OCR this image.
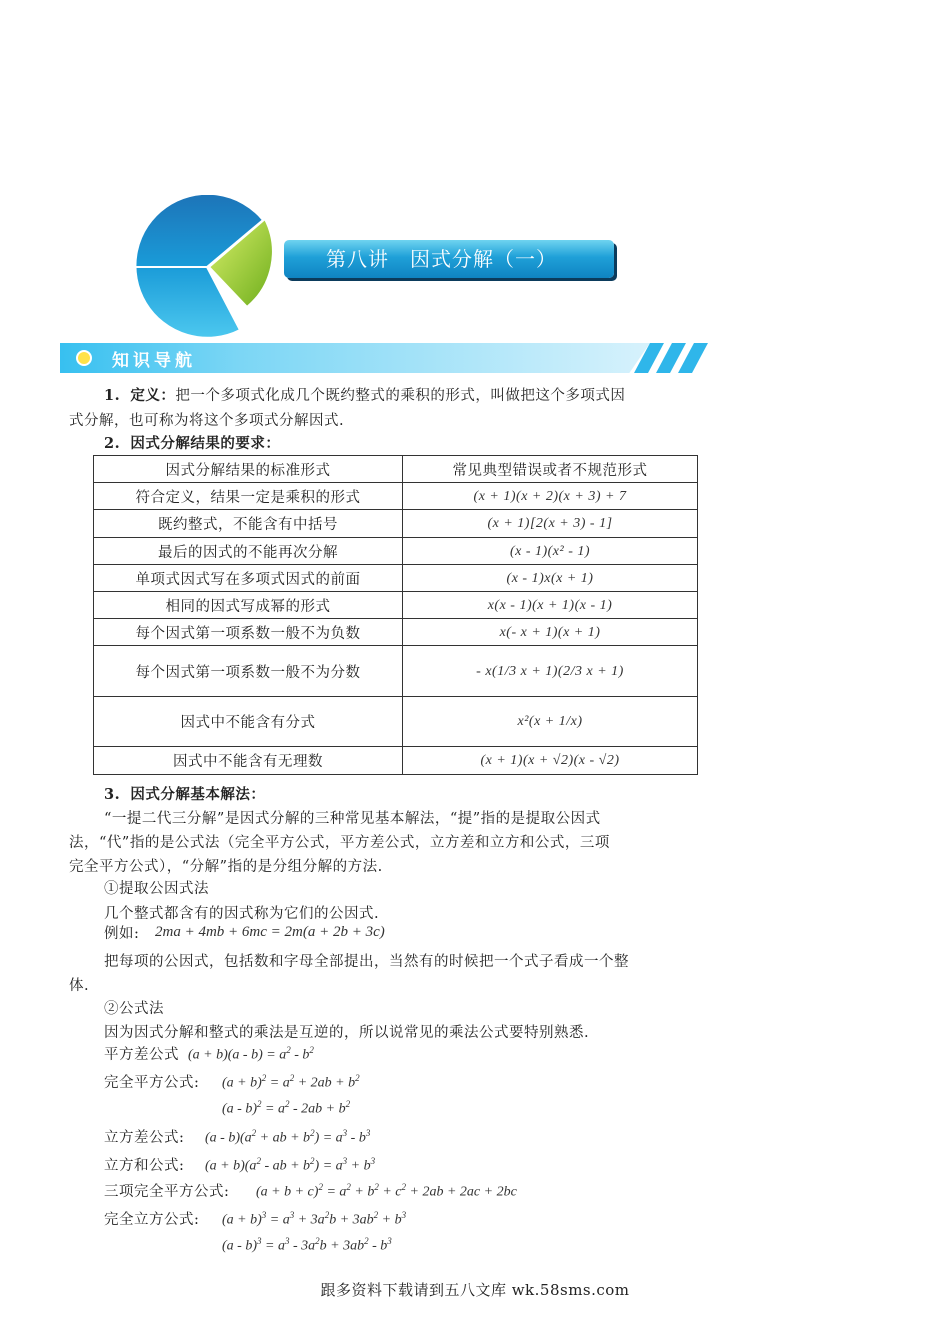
第八讲　因式分解（一）
知识导航
1. 定义：把一个多项式化成几个既约整式的乘积的形式，叫做把这个多项式因
式分解，也可称为将这个多项式分解因式.
2. 因式分解结果的要求：
因式分解结果的标准形式	常见典型错误或者不规范形式
符合定义，结果一定是乘积的形式	(x + 1)(x + 2)(x + 3) + 7
既约整式，不能含有中括号	(x + 1)[2(x + 3) - 1]
最后的因式的不能再次分解	(x - 1)(x² - 1)
单项式因式写在多项式因式的前面	(x - 1)x(x + 1)
相同的因式写成幂的形式	x(x - 1)(x + 1)(x - 1)
每个因式第一项系数一般不为负数	x(- x + 1)(x + 1)
每个因式第一项系数一般不为分数	- x(1/3 x + 1)(2/3 x + 1)
因式中不能含有分式	x²(x + 1/x)
因式中不能含有无理数	(x + 1)(x + √2)(x - √2)
3. 因式分解基本解法：
“一提二代三分解”是因式分解的三种常见基本解法，“提”指的是提取公因式
法，“代”指的是公式法（完全平方公式，平方差公式，立方差和立方和公式，三项
完全平方公式），“分解”指的是分组分解的方法.
①提取公因式法
几个整式都含有的因式称为它们的公因式.
例如: 2ma + 4mb + 6mc = 2m(a + 2b + 3c)
把每项的公因式，包括数和字母全部提出，当然有的时候把一个式子看成一个整
体.
②公式法
因为因式分解和整式的乘法是互逆的，所以说常见的乘法公式要特别熟悉.
平方差公式 $(a + b)(a - b) = a^2 - b^2$
完全平方公式: $(a + b)^2 = a^2 + 2ab + b^2$
$(a - b)^2 = a^2 - 2ab + b^2$
立方差公式: $(a - b)(a^2$ + ab + $b^2) = a^3 - b^3$
立方和公式: $(a + b)(a^2$ - ab + $b^2) = a^3 + b^3$
三项完全平方公式: $(a + b + c)^2 = a^2 + b^2 + c^2 + 2ab + 2ac + 2bc$
完全立方公式: $(a + b)^3 = a^3 + 3a^2b + 3ab^2 + b^3$
$(a - b)^3 = a^3 - 3a^2b + 3ab^2 - b^3$
跟多资料下载请到五八文库 wk.58sms.com
